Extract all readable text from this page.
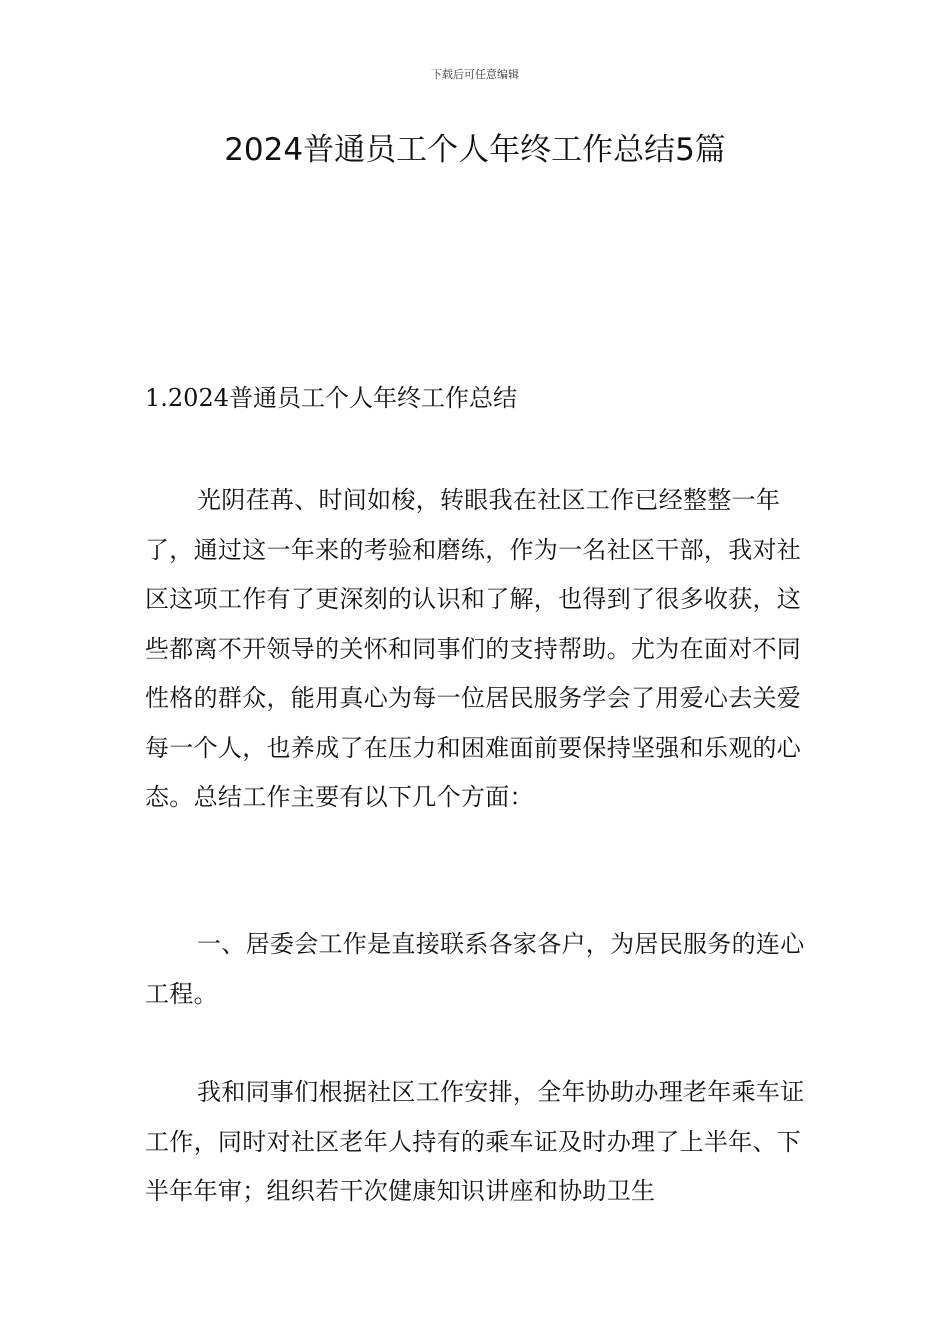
下载后可任意编辑
2024普通员工个人年终工作总结5篇

1.2024普通员工个人年终工作总结

光阴荏苒、时间如梭，转眼我在社区工作已经整整一年了，通过这一年来的考验和磨练，作为一名社区干部，我对社区这项工作有了更深刻的认识和了解，也得到了很多收获，这些都离不开领导的关怀和同事们的支持帮助。尤为在面对不同性格的群众，能用真心为每一位居民服务学会了用爱心去关爱每一个人，也养成了在压力和困难面前要保持坚强和乐观的心态。总结工作主要有以下几个方面：

一、居委会工作是直接联系各家各户，为居民服务的连心工程。

我和同事们根据社区工作安排，全年协助办理老年乘车证工作，同时对社区老年人持有的乘车证及时办理了上半年、下半年年审；组织若干次健康知识讲座和协助卫生
